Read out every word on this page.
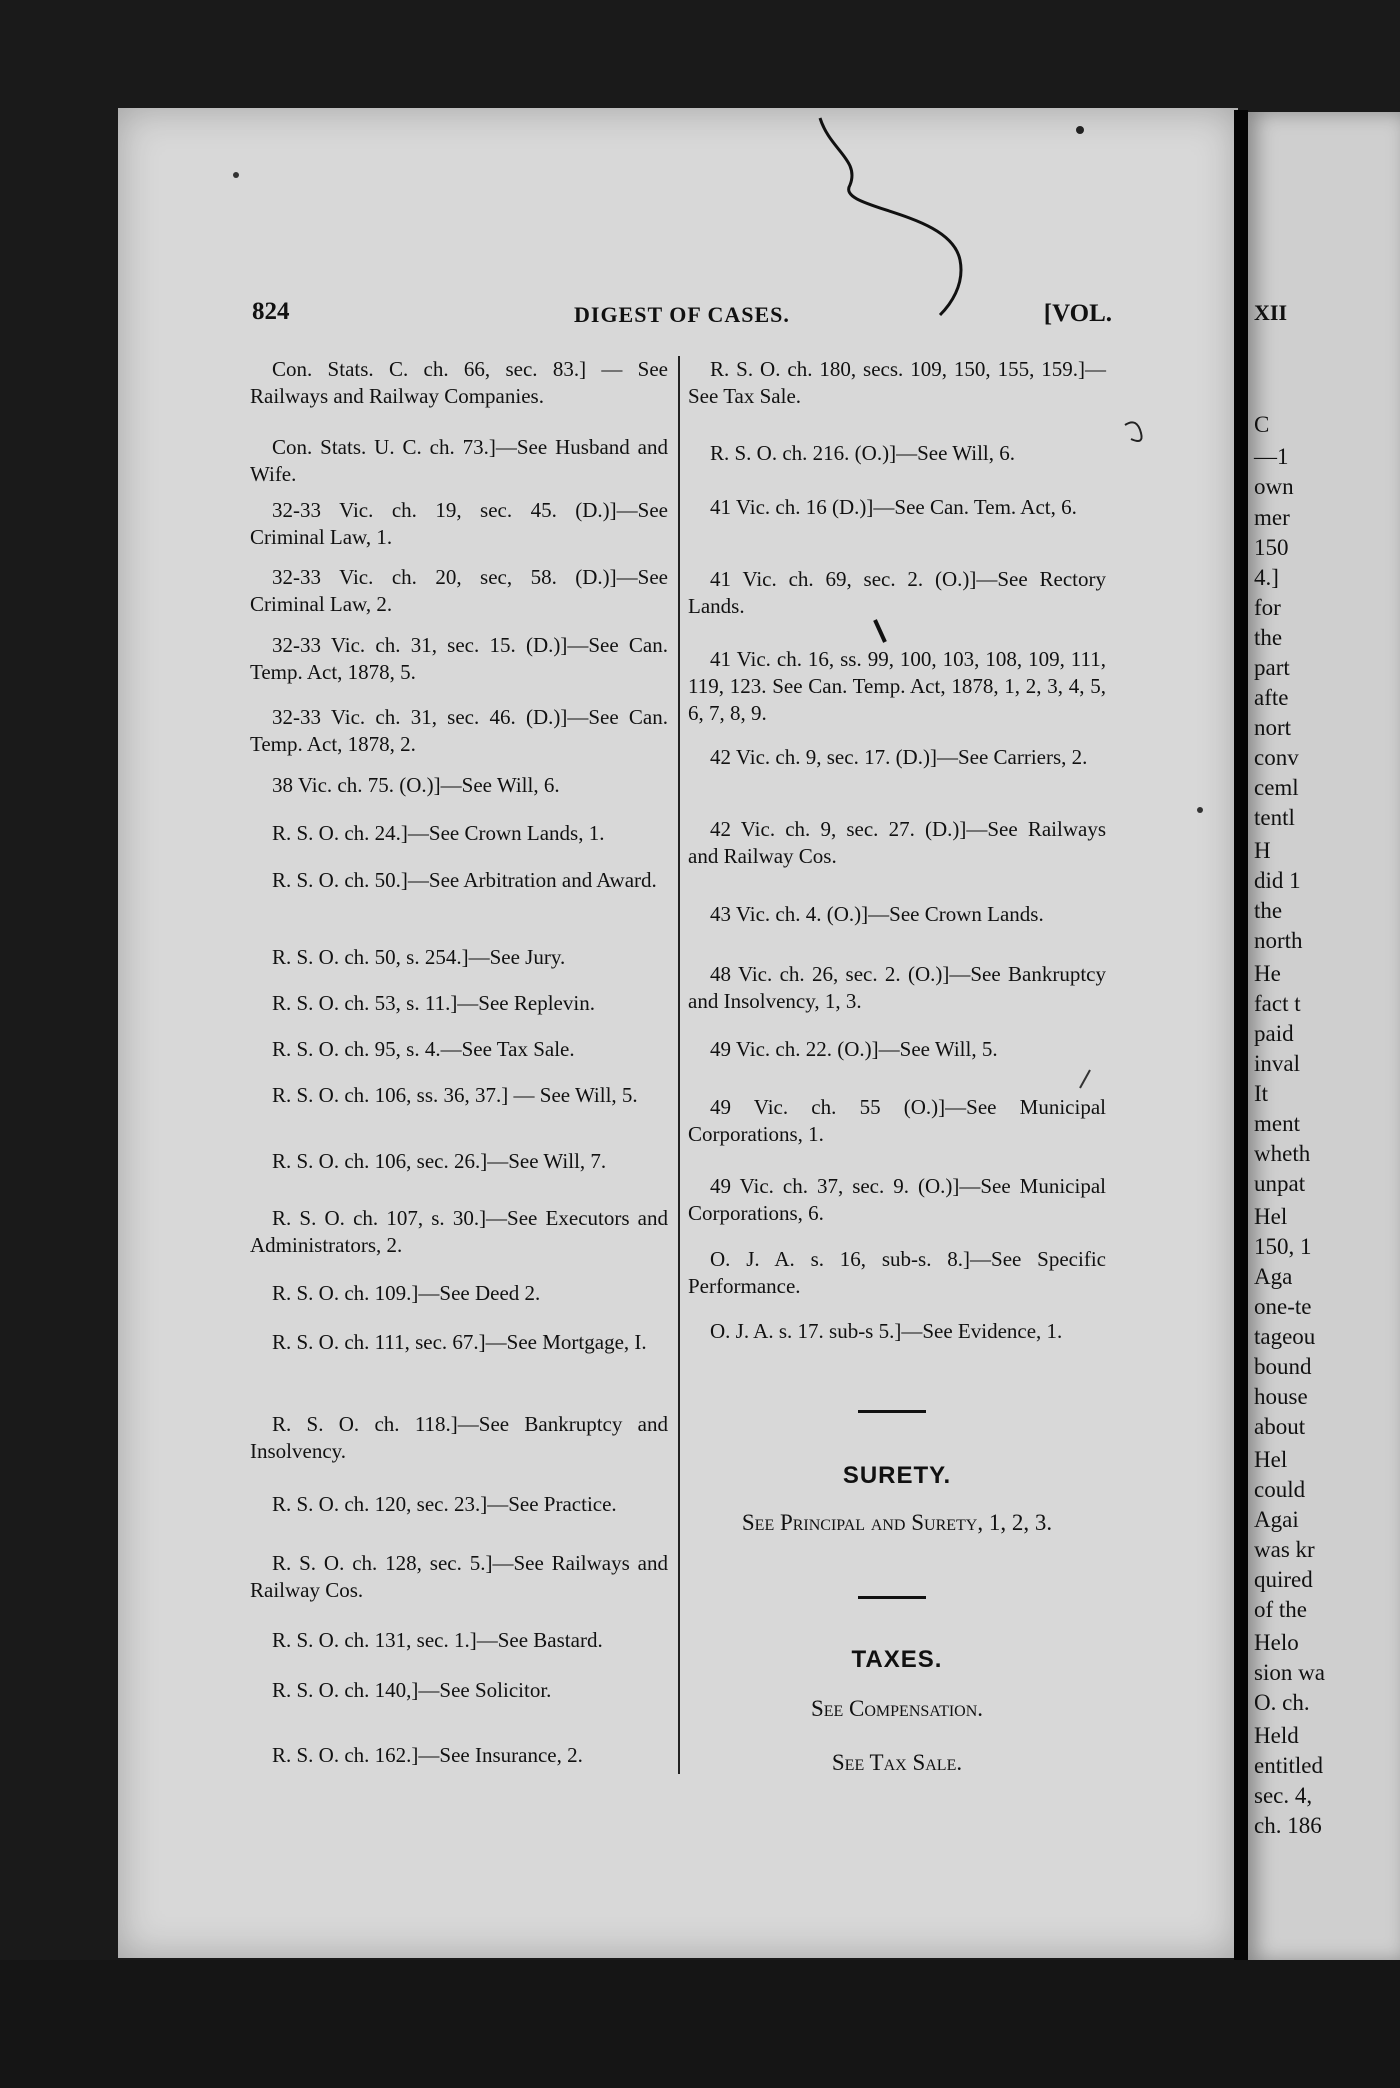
XII
C
—1
own
mer
150
4.]
for
the
part
afte
nort
conv
ceml
tentl
H
did 1
the
north
He
fact t
paid
inval
It
ment
wheth
unpat
Hel
150, 1
Aga
one-te
tageou
bound
house
about
Hel
could
Agai
was kr
quired
of the
Helo
sion wa
O. ch.
Held
entitled
sec. 4,
ch. 186
824	DIGEST OF CASES.	[VOL.
Con. Stats. C. ch. 66, sec. 83.] — See Railways and Railway Companies.
Con. Stats. U. C. ch. 73.]—See Husband and Wife.
32-33 Vic. ch. 19, sec. 45. (D.)]—See Criminal Law, 1.
32-33 Vic. ch. 20, sec, 58. (D.)]—See Criminal Law, 2.
32-33 Vic. ch. 31, sec. 15. (D.)]—See Can. Temp. Act, 1878, 5.
32-33 Vic. ch. 31, sec. 46. (D.)]—See Can. Temp. Act, 1878, 2.
38 Vic. ch. 75. (O.)]—See Will, 6.
R. S. O. ch. 24.]—See Crown Lands, 1.
R. S. O. ch. 50.]—See Arbitration and Award.
R. S. O. ch. 50, s. 254.]—See Jury.
R. S. O. ch. 53, s. 11.]—See Replevin.
R. S. O. ch. 95, s. 4.—See Tax Sale.
R. S. O. ch. 106, ss. 36, 37.] — See Will, 5.
R. S. O. ch. 106, sec. 26.]—See Will, 7.
R. S. O. ch. 107, s. 30.]—See Executors and Administrators, 2.
R. S. O. ch. 109.]—See Deed 2.
R. S. O. ch. 111, sec. 67.]—See Mortgage, I.
R. S. O. ch. 118.]—See Bankruptcy and Insolvency.
R. S. O. ch. 120, sec. 23.]—See Practice.
R. S. O. ch. 128, sec. 5.]—See Railways and Railway Cos.
R. S. O. ch. 131, sec. 1.]—See Bastard.
R. S. O. ch. 140,]—See Solicitor.
R. S. O. ch. 162.]—See Insurance, 2.
SURETY.
See Principal and Surety, 1, 2, 3.
TAXES.
See Compensation.
See Tax Sale.
R. S. O. ch. 180, secs. 109, 150, 155, 159.]—See Tax Sale.
R. S. O. ch. 216. (O.)]—See Will, 6.
41 Vic. ch. 16 (D.)]—See Can. Tem. Act, 6.
41 Vic. ch. 69, sec. 2. (O.)]—See Rectory Lands.
41 Vic. ch. 16, ss. 99, 100, 103, 108, 109, 111, 119, 123. See Can. Temp. Act, 1878, 1, 2, 3, 4, 5, 6, 7, 8, 9.
42 Vic. ch. 9, sec. 17. (D.)]—See Carriers, 2.
42 Vic. ch. 9, sec. 27. (D.)]—See Railways and Railway Cos.
43 Vic. ch. 4. (O.)]—See Crown Lands.
48 Vic. ch. 26, sec. 2. (O.)]—See Bankruptcy and Insolvency, 1, 3.
49 Vic. ch. 22. (O.)]—See Will, 5.
49 Vic. ch. 55 (O.)]—See Municipal Corporations, 1.
49 Vic. ch. 37, sec. 9. (O.)]—See Municipal Corporations, 6.
O. J. A. s. 16, sub-s. 8.]—See Specific Performance.
O. J. A. s. 17. sub-s 5.]—See Evidence, 1.
